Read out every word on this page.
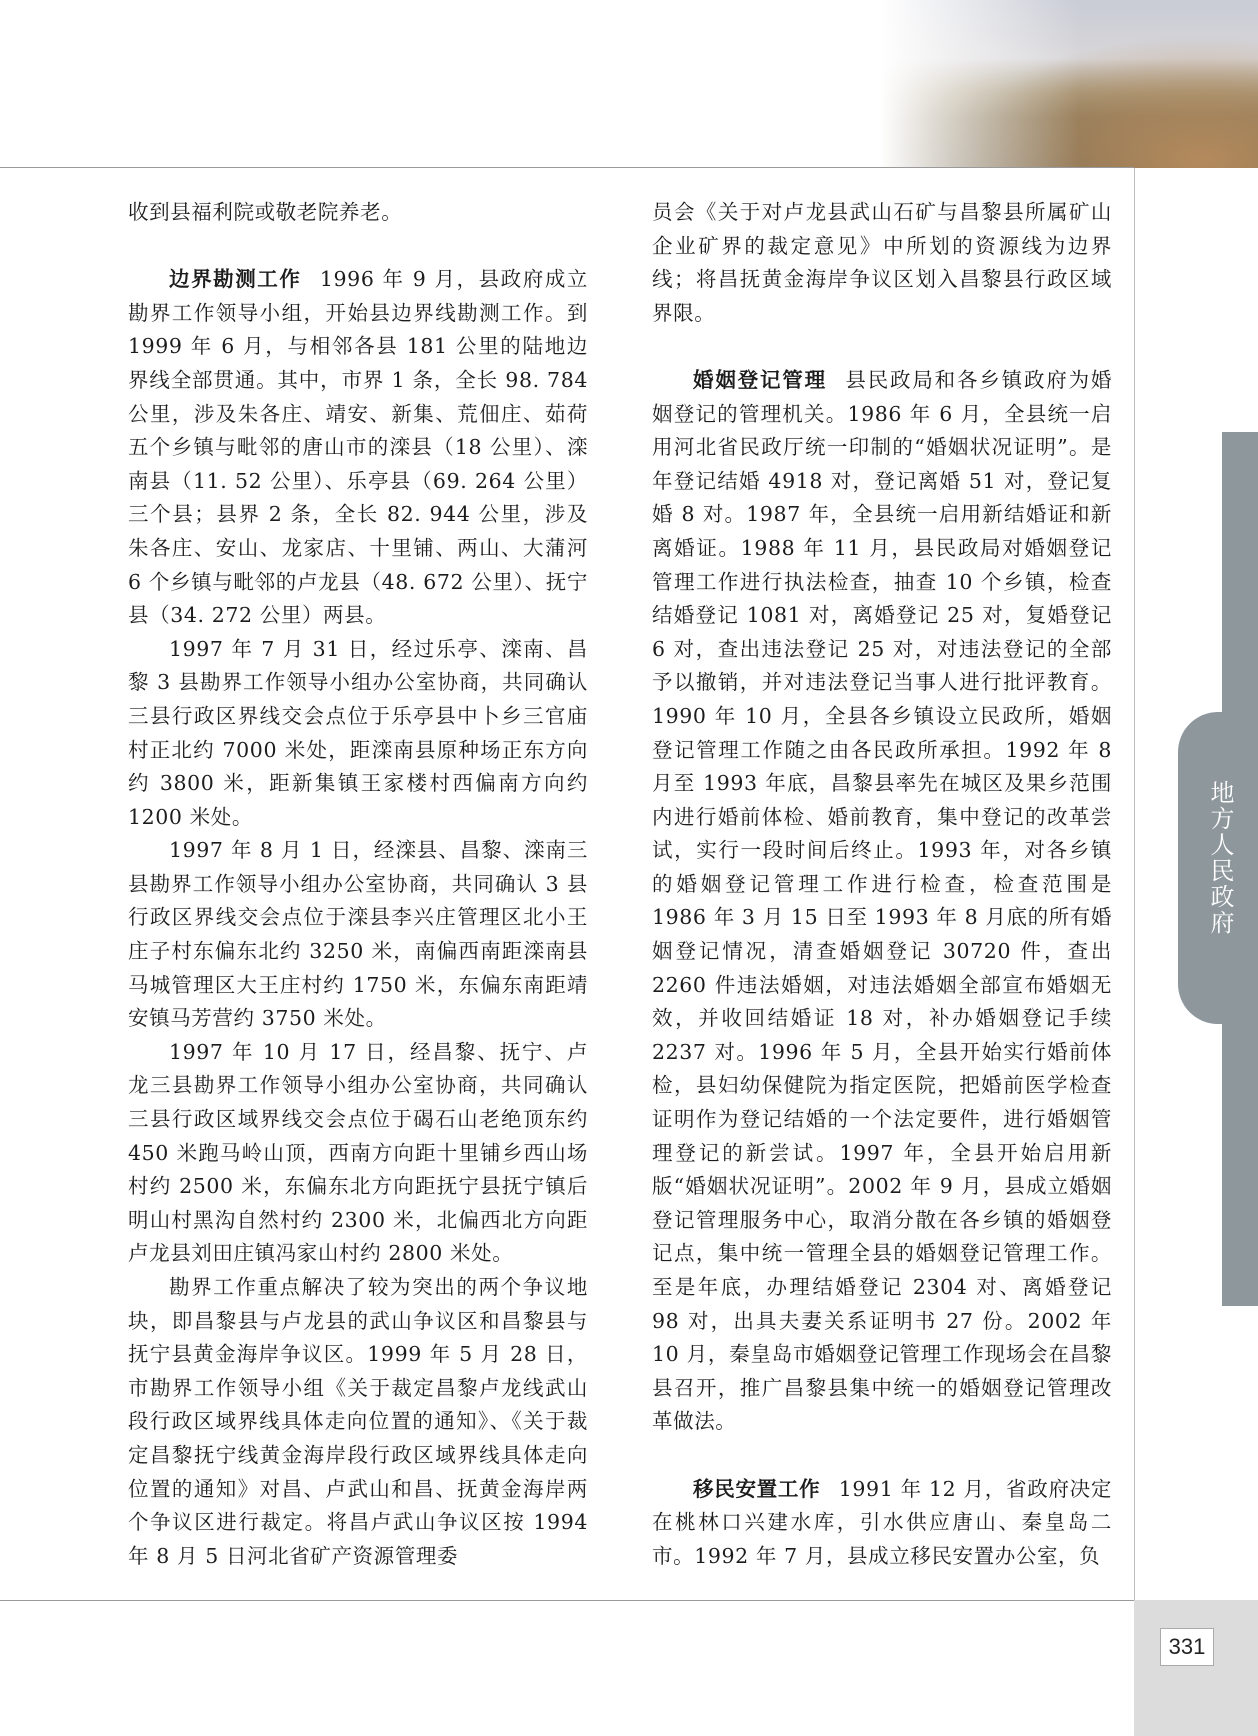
地方人民政府

收到县福利院或敬老院养老。

边界勘测工作 1996 年 9 月，县政府成立勘界工作领导小组，开始县边界线勘测工作。到 1999 年 6 月，与相邻各县 181 公里的陆地边界线全部贯通。其中，市界 1 条，全长 98. 784 公里，涉及朱各庄、靖安、新集、荒佃庄、茹荷五个乡镇与毗邻的唐山市的滦县（18 公里）、滦南县（11. 52 公里）、乐亭县（69. 264 公里）三个县；县界 2 条，全长 82. 944 公里，涉及朱各庄、安山、龙家店、十里铺、两山、大蒲河 6 个乡镇与毗邻的卢龙县（48. 672 公里）、抚宁县（34. 272 公里）两县。

1997 年 7 月 31 日，经过乐亭、滦南、昌黎 3 县勘界工作领导小组办公室协商，共同确认三县行政区界线交会点位于乐亭县中卜乡三官庙村正北约 7000 米处，距滦南县原种场正东方向约 3800 米，距新集镇王家楼村西偏南方向约 1200 米处。

1997 年 8 月 1 日，经滦县、昌黎、滦南三县勘界工作领导小组办公室协商，共同确认 3 县行政区界线交会点位于滦县李兴庄管理区北小王庄子村东偏东北约 3250 米，南偏西南距滦南县马城管理区大王庄村约 1750 米，东偏东南距靖安镇马芳营约 3750 米处。

1997 年 10 月 17 日，经昌黎、抚宁、卢龙三县勘界工作领导小组办公室协商，共同确认三县行政区域界线交会点位于碣石山老绝顶东约 450 米跑马岭山顶，西南方向距十里铺乡西山场村约 2500 米，东偏东北方向距抚宁县抚宁镇后明山村黑沟自然村约 2300 米，北偏西北方向距卢龙县刘田庄镇冯家山村约 2800 米处。

勘界工作重点解决了较为突出的两个争议地块，即昌黎县与卢龙县的武山争议区和昌黎县与抚宁县黄金海岸争议区。1999 年 5 月 28 日，市勘界工作领导小组《关于裁定昌黎卢龙线武山段行政区域界线具体走向位置的通知》、《关于裁定昌黎抚宁线黄金海岸段行政区域界线具体走向位置的通知》对昌、卢武山和昌、抚黄金海岸两个争议区进行裁定。将昌卢武山争议区按 1994 年 8 月 5 日河北省矿产资源管理委

员会《关于对卢龙县武山石矿与昌黎县所属矿山企业矿界的裁定意见》中所划的资源线为边界线；将昌抚黄金海岸争议区划入昌黎县行政区域界限。

婚姻登记管理 县民政局和各乡镇政府为婚姻登记的管理机关。1986 年 6 月，全县统一启用河北省民政厅统一印制的“婚姻状况证明”。是年登记结婚 4918 对，登记离婚 51 对，登记复婚 8 对。1987 年，全县统一启用新结婚证和新离婚证。1988 年 11 月，县民政局对婚姻登记管理工作进行执法检查，抽查 10 个乡镇，检查结婚登记 1081 对，离婚登记 25 对，复婚登记 6 对，查出违法登记 25 对，对违法登记的全部予以撤销，并对违法登记当事人进行批评教育。1990 年 10 月，全县各乡镇设立民政所，婚姻登记管理工作随之由各民政所承担。1992 年 8 月至 1993 年底，昌黎县率先在城区及果乡范围内进行婚前体检、婚前教育，集中登记的改革尝试，实行一段时间后终止。1993 年，对各乡镇的婚姻登记管理工作进行检查，检查范围是 1986 年 3 月 15 日至 1993 年 8 月底的所有婚姻登记情况，清查婚姻登记 30720 件，查出 2260 件违法婚姻，对违法婚姻全部宣布婚姻无效，并收回结婚证 18 对，补办婚姻登记手续 2237 对。1996 年 5 月，全县开始实行婚前体检，县妇幼保健院为指定医院，把婚前医学检查证明作为登记结婚的一个法定要件，进行婚姻管理登记的新尝试。1997 年，全县开始启用新版“婚姻状况证明”。2002 年 9 月，县成立婚姻登记管理服务中心，取消分散在各乡镇的婚姻登记点，集中统一管理全县的婚姻登记管理工作。至是年底，办理结婚登记 2304 对、离婚登记 98 对，出具夫妻关系证明书 27 份。2002 年 10 月，秦皇岛市婚姻登记管理工作现场会在昌黎县召开，推广昌黎县集中统一的婚姻登记管理改革做法。

移民安置工作 1991 年 12 月，省政府决定在桃林口兴建水库，引水供应唐山、秦皇岛二市。1992 年 7 月，县成立移民安置办公室，负

331
